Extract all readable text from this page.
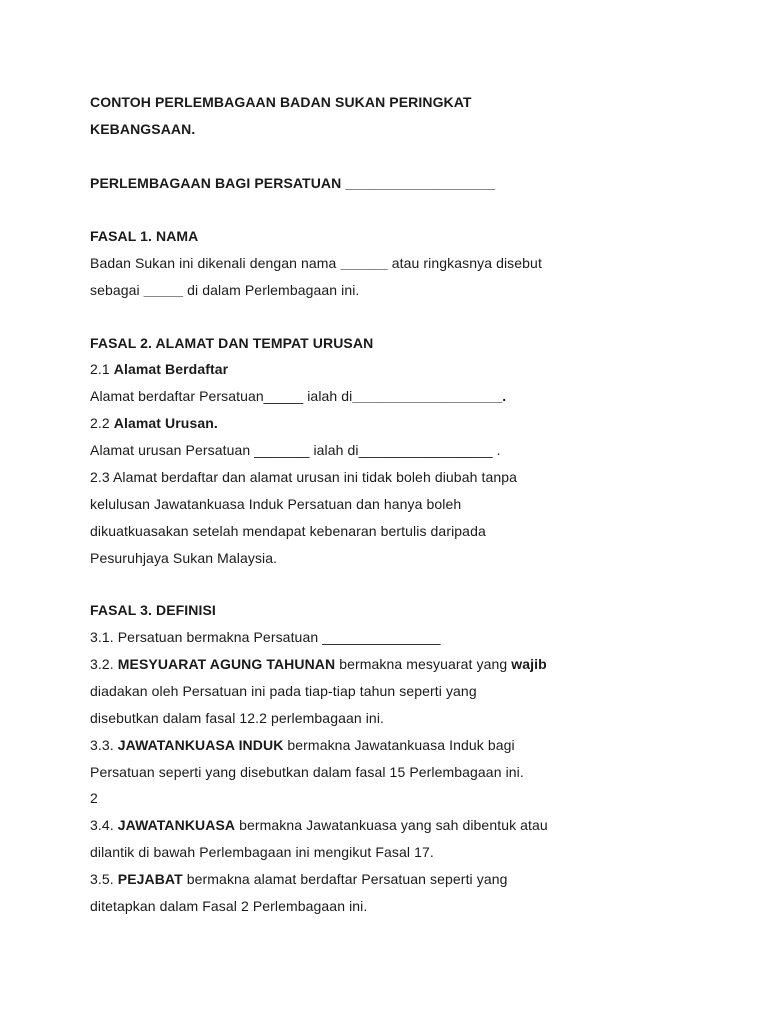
CONTOH PERLEMBAGAAN BADAN SUKAN PERINGKAT
KEBANGSAAN.
PERLEMBAGAAN BAGI PERSATUAN ___________________
FASAL 1. NAMA
Badan Sukan ini dikenali dengan nama ______ atau ringkasnya disebut
sebagai _____ di dalam Perlembagaan ini.
FASAL 2. ALAMAT DAN TEMPAT URUSAN
2.1 Alamat Berdaftar
Alamat berdaftar Persatuan_____ ialah di___________________.
2.2 Alamat Urusan.
Alamat urusan Persatuan _______ ialah di_________________ .
2.3 Alamat berdaftar dan alamat urusan ini tidak boleh diubah tanpa
kelulusan Jawatankuasa Induk Persatuan dan hanya boleh
dikuatkuasakan setelah mendapat kebenaran bertulis daripada
Pesuruhjaya Sukan Malaysia.
FASAL 3. DEFINISI
3.1. Persatuan bermakna Persatuan _______________
3.2. MESYUARAT AGUNG TAHUNAN bermakna mesyuarat yang wajib
diadakan oleh Persatuan ini pada tiap-tiap tahun seperti yang
disebutkan dalam fasal 12.2 perlembagaan ini.
3.3. JAWATANKUASA INDUK bermakna Jawatankuasa Induk bagi
Persatuan seperti yang disebutkan dalam fasal 15 Perlembagaan ini.
2
3.4. JAWATANKUASA bermakna Jawatankuasa yang sah dibentuk atau
dilantik di bawah Perlembagaan ini mengikut Fasal 17.
3.5. PEJABAT bermakna alamat berdaftar Persatuan seperti yang
ditetapkan dalam Fasal 2 Perlembagaan ini.
